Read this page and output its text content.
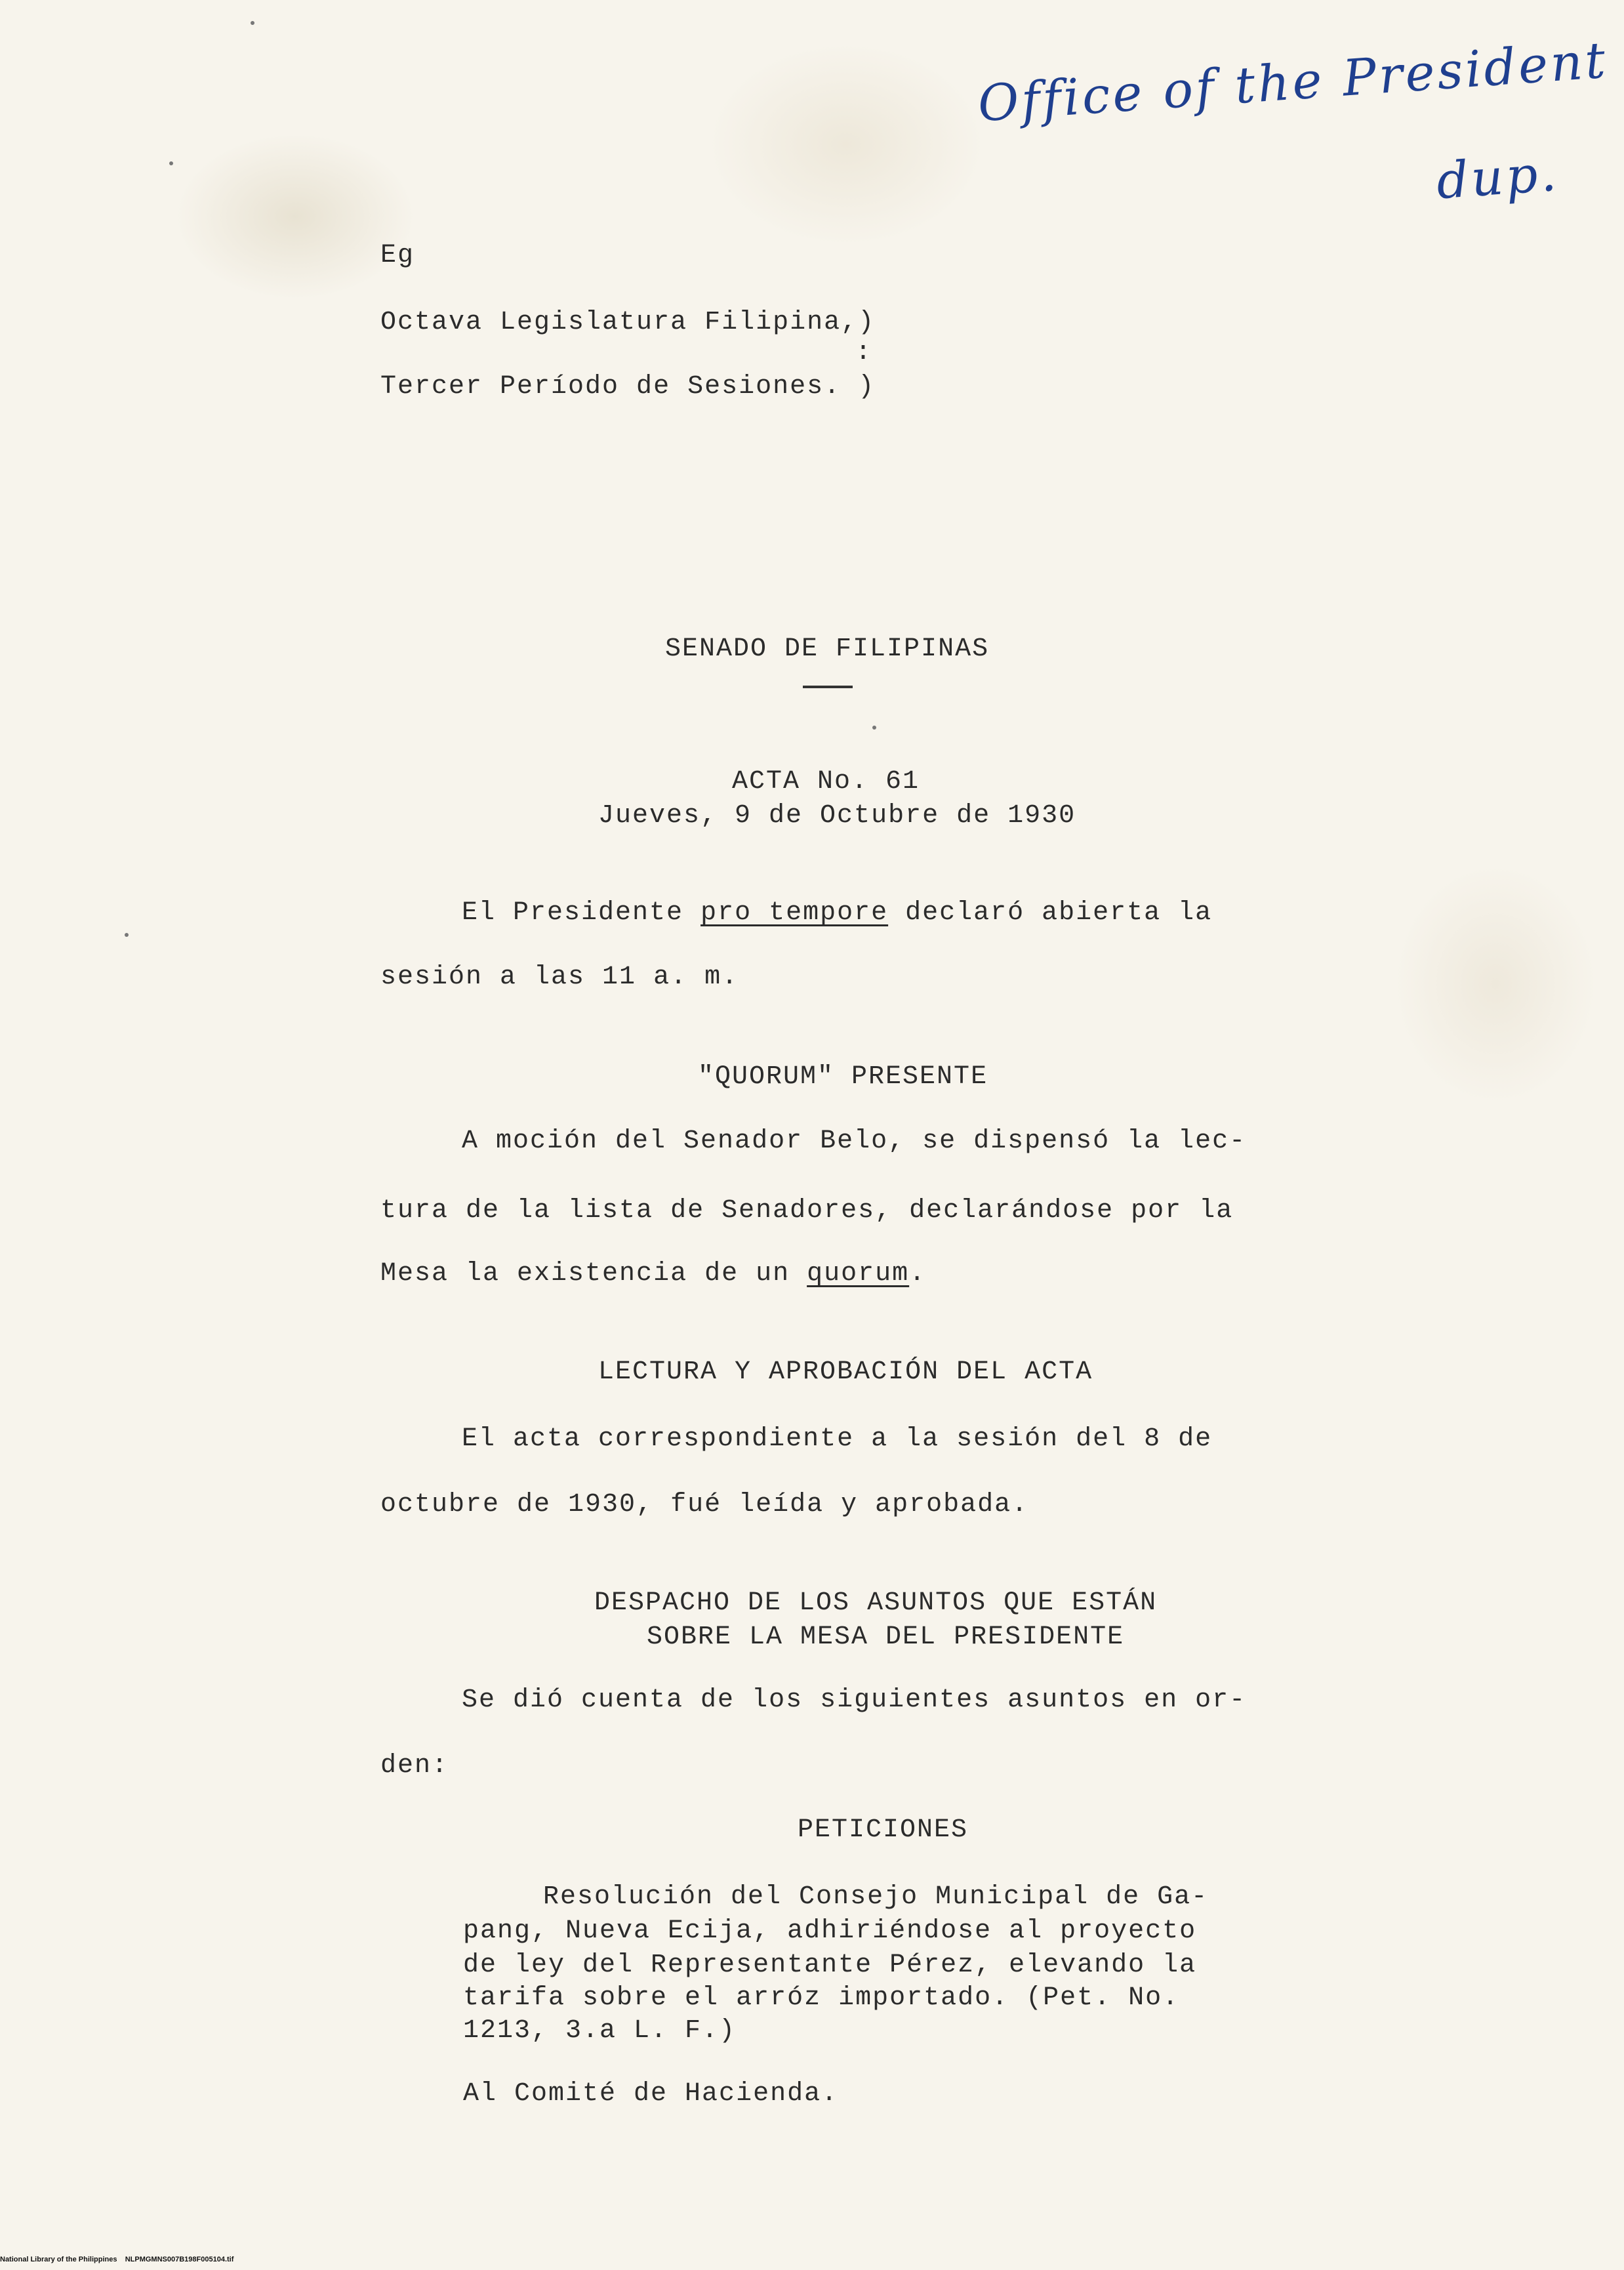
Office of the President
dup.

Eg

Octava Legislatura Filipina,)

:

Tercer Período de Sesiones. )

SENADO DE FILIPINAS

ACTA No. 61

Jueves, 9 de Octubre de 1930

El Presidente pro tempore declaró abierta la

sesión a las 11 a. m.

"QUORUM" PRESENTE

A moción del Senador Belo, se dispensó la lec-

tura de la lista de Senadores, declarándose por la

Mesa la existencia de un quorum.

LECTURA Y APROBACIÓN DEL ACTA

El acta correspondiente a la sesión del 8 de

octubre de 1930, fué leída y aprobada.

DESPACHO DE LOS ASUNTOS QUE ESTÁN

SOBRE LA MESA DEL PRESIDENTE

Se dió cuenta de los siguientes asuntos en or-

den:

PETICIONES

Resolución del Consejo Municipal de Ga-

pang, Nueva Ecija, adhiriéndose al proyecto

de ley del Representante Pérez, elevando la

tarifa sobre el arróz importado. (Pet. No.

1213, 3.a L. F.)

Al Comité de Hacienda.

National Library of the Philippines NLPMGMNS007B198F005104.tif
